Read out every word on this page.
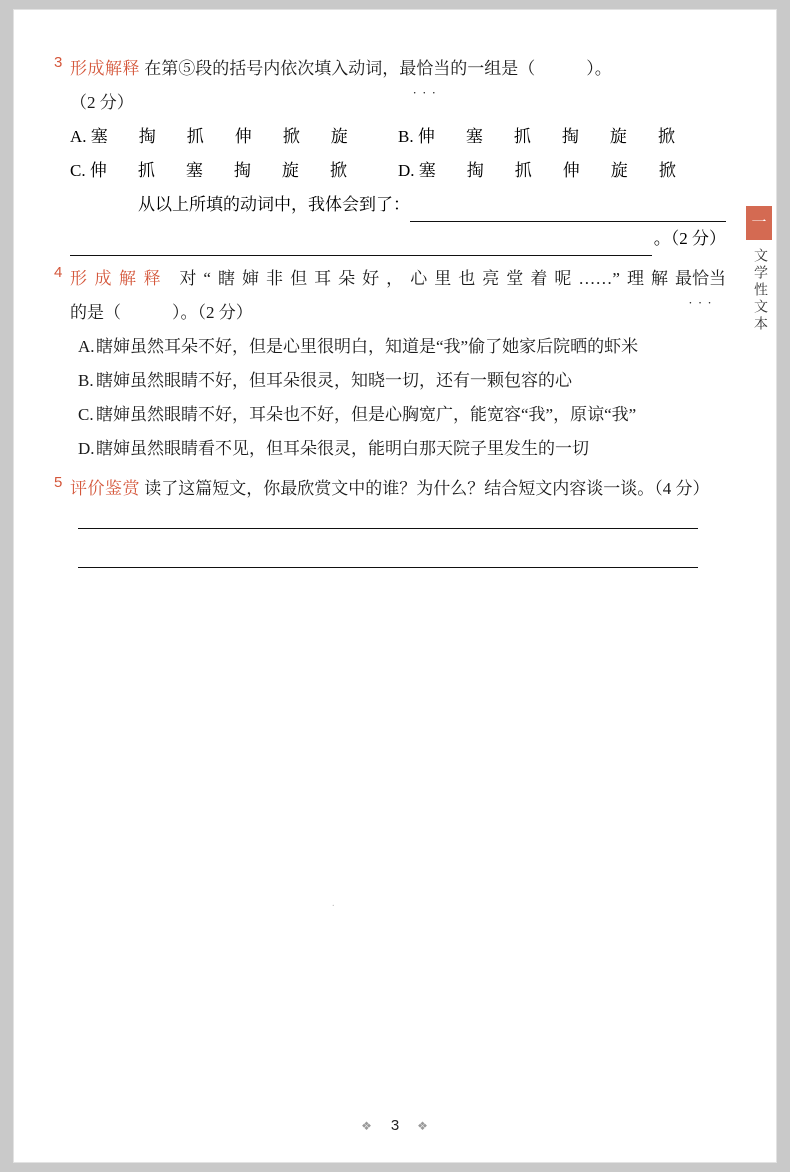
3 形成解释 在第⑤段的括号内依次填入动词，最恰当 · · ·的一组是（　　　）。
（2 分）
A. 塞　掏　抓　伸　掀　旋	B. 伸　塞　抓　掏　旋　掀
C. 伸　抓　塞　掏　旋　掀	D. 塞　掏　抓　伸　旋　掀
从以上所填的动词中，我体会到了：
。（2 分）
4 形成解释 对“瞎婶非但耳朵好，心里也亮堂着呢……”理解最恰当 · · ·的是（　　　）。（2 分）
A. 瞎婶虽然耳朵不好，但是心里很明白，知道是“我”偷了她家后院晒的虾米
B. 瞎婶虽然眼睛不好，但耳朵很灵，知晓一切，还有一颗包容的心
C. 瞎婶虽然眼睛不好，耳朵也不好，但是心胸宽广，能宽容“我”，原谅“我”
D. 瞎婶虽然眼睛看不见，但耳朵很灵，能明白那天院子里发生的一切
5 评价鉴赏 读了这篇短文，你最欣赏文中的谁？为什么？结合短文内容谈一谈。（4 分）
一
文学性文本
❖ 3 ❖
.
